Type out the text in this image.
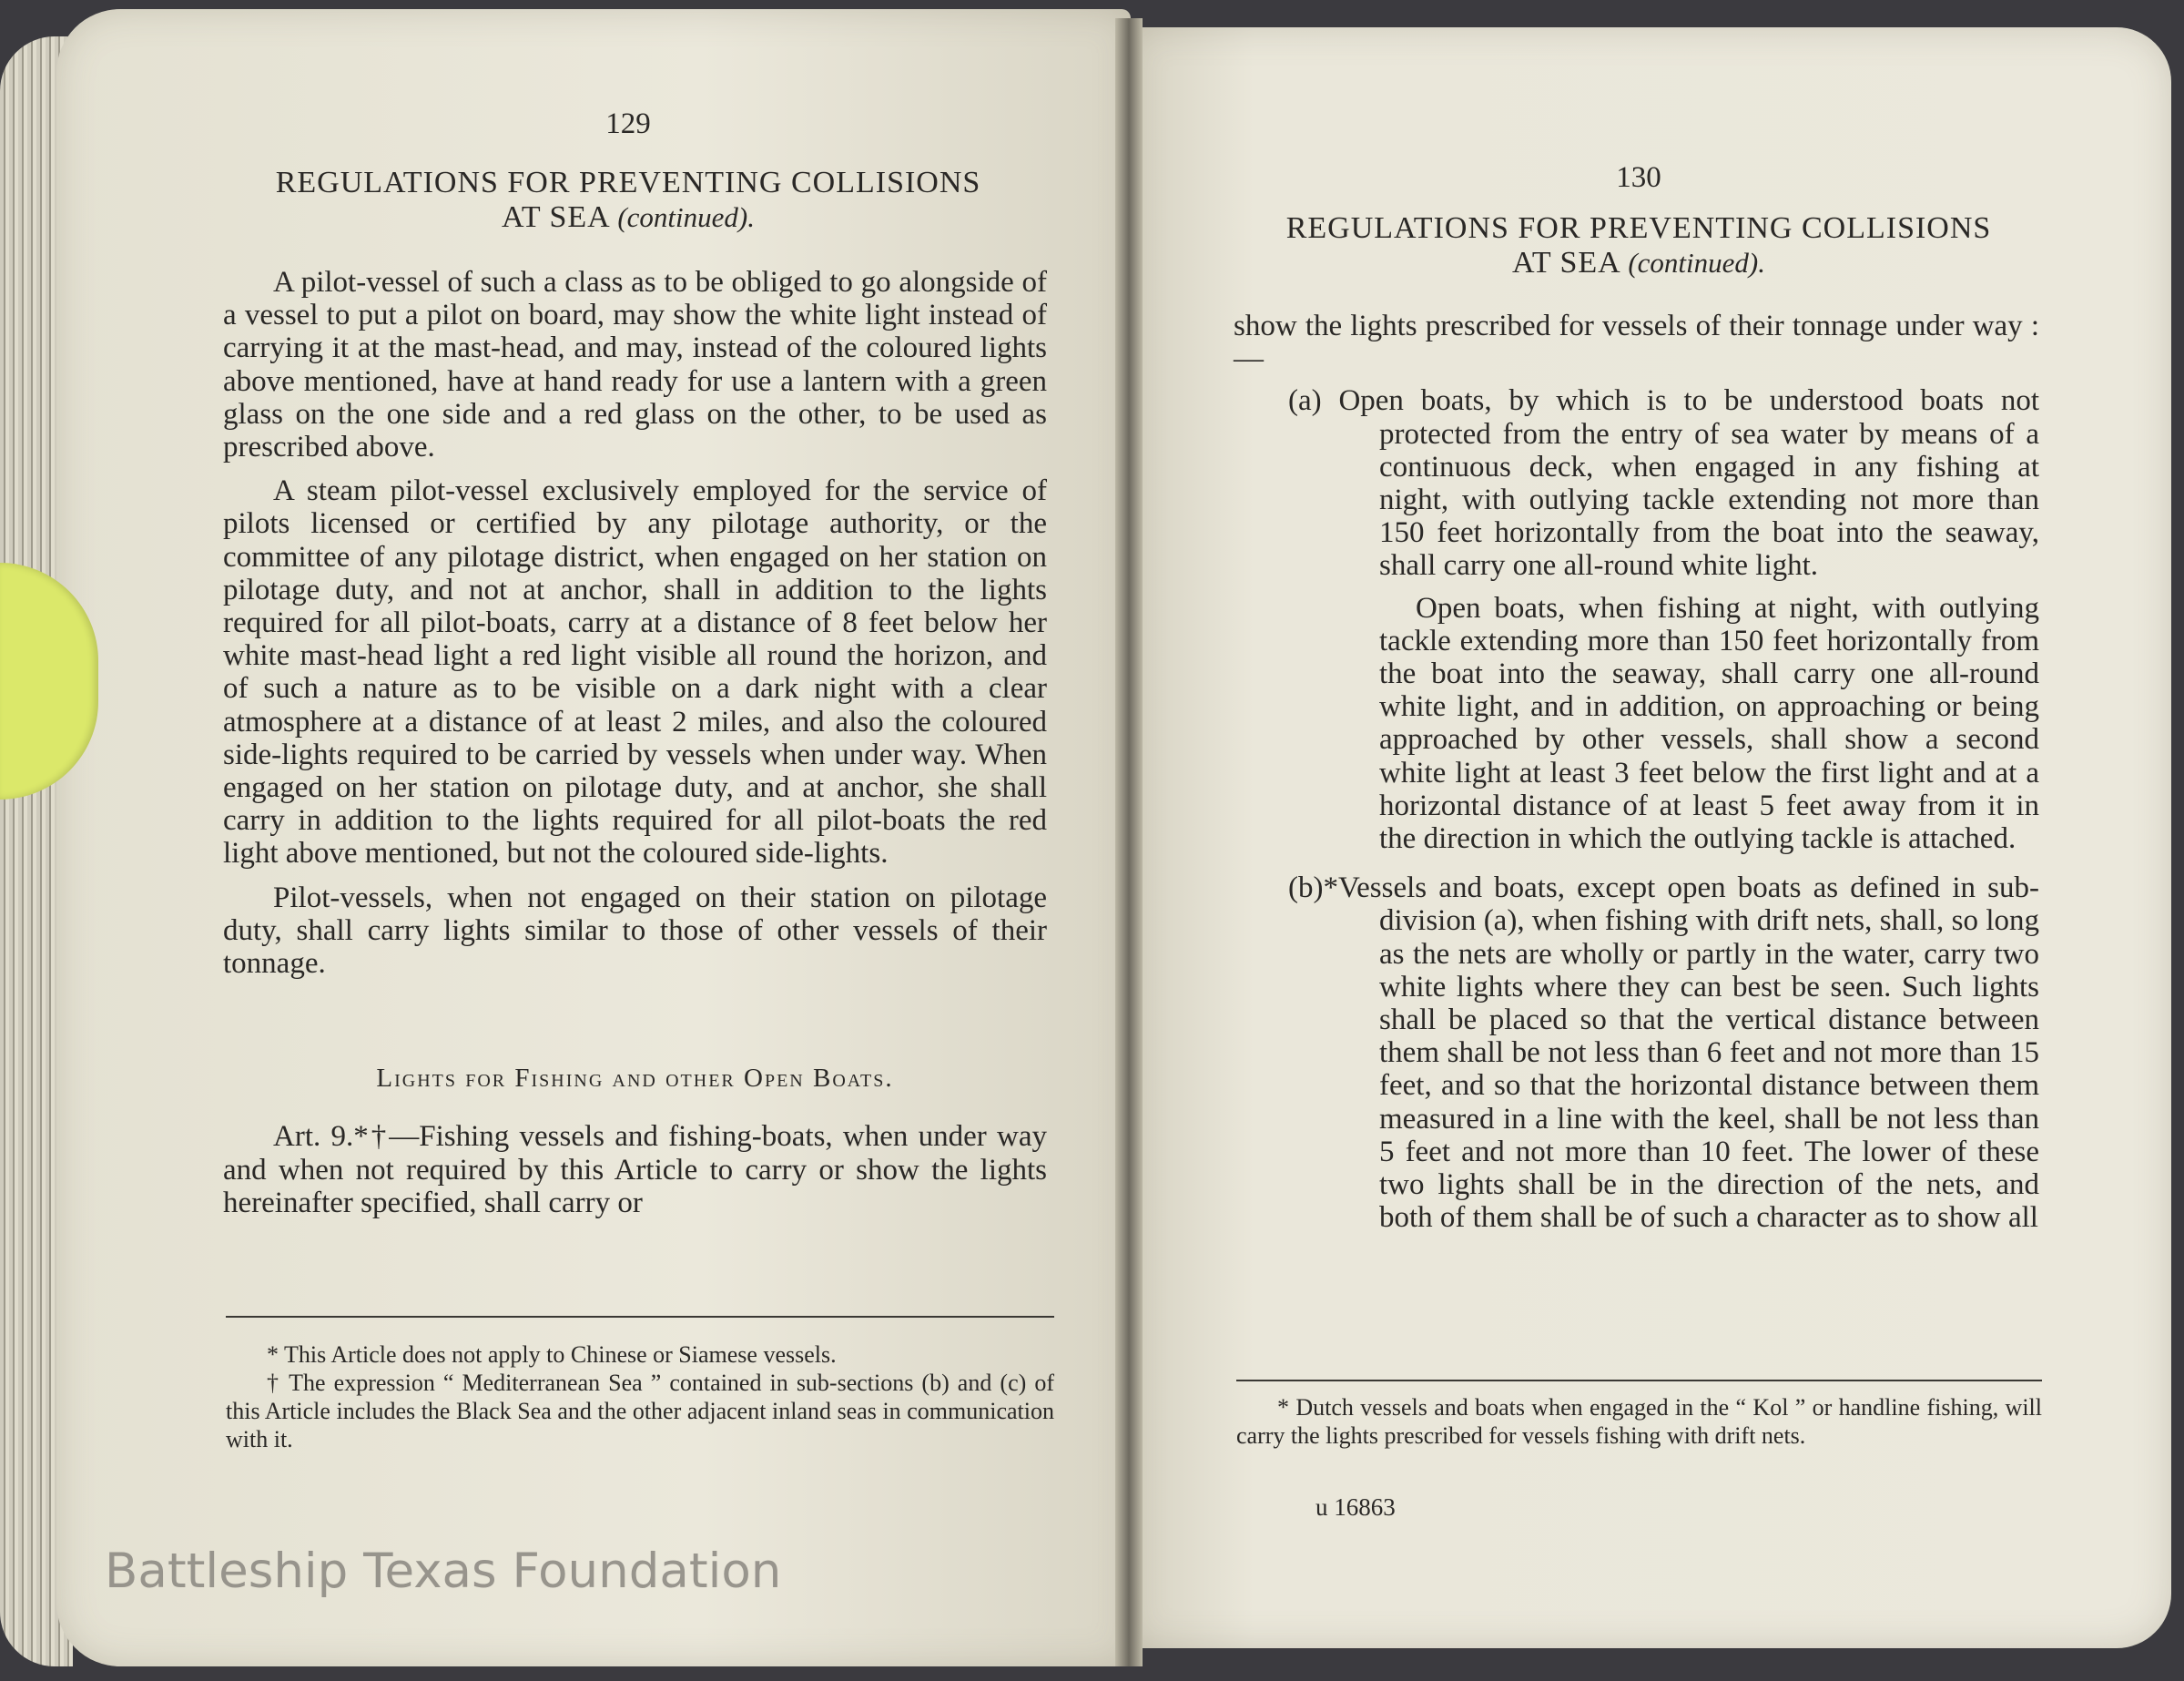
129
REGULATIONS FOR PREVENTING COLLISIONS
AT SEA (continued).

A pilot-vessel of such a class as to be obliged to go alongside of a vessel to put a pilot on board, may show the white light instead of carrying it at the mast-head, and may, instead of the coloured lights above mentioned, have at hand ready for use a lantern with a green glass on the one side and a red glass on the other, to be used as prescribed above.

A steam pilot-vessel exclusively employed for the service of pilots licensed or certified by any pilotage authority, or the committee of any pilotage district, when engaged on her station on pilotage duty, and not at anchor, shall in addition to the lights required for all pilot-boats, carry at a distance of 8 feet below her white mast-head light a red light visible all round the horizon, and of such a nature as to be visible on a dark night with a clear atmosphere at a distance of at least 2 miles, and also the coloured side-lights required to be carried by vessels when under way. When engaged on her station on pilotage duty, and at anchor, she shall carry in addition to the lights required for all pilot-boats the red light above mentioned, but not the coloured side-lights.

Pilot-vessels, when not engaged on their station on pilotage duty, shall carry lights similar to those of other vessels of their tonnage.

Lights for Fishing and other Open Boats.

Art. 9.*†—Fishing vessels and fishing-boats, when under way and when not required by this Article to carry or show the lights hereinafter specified, shall carry or

* This Article does not apply to Chinese or Siamese vessels.

† The expression “ Mediterranean Sea ” contained in sub-sections (b) and (c) of this Article includes the Black Sea and the other adjacent inland seas in communication with it.

130
REGULATIONS FOR PREVENTING COLLISIONS
AT SEA (continued).

show the lights prescribed for vessels of their tonnage under way :—

(a) Open boats, by which is to be understood boats not protected from the entry of sea water by means of a continuous deck, when engaged in any fishing at night, with outlying tackle extending not more than 150 feet horizontally from the boat into the seaway, shall carry one all-round white light.

Open boats, when fishing at night, with outlying tackle extending more than 150 feet horizontally from the boat into the seaway, shall carry one all-round white light, and in addition, on approaching or being approached by other vessels, shall show a second white light at least 3 feet below the first light and at a horizontal distance of at least 5 feet away from it in the direction in which the outlying tackle is attached.

(b)*Vessels and boats, except open boats as defined in sub-division (a), when fishing with drift nets, shall, so long as the nets are wholly or partly in the water, carry two white lights where they can best be seen. Such lights shall be placed so that the vertical distance between them shall be not less than 6 feet and not more than 15 feet, and so that the horizontal distance between them measured in a line with the keel, shall be not less than 5 feet and not more than 10 feet. The lower of these two lights shall be in the direction of the nets, and both of them shall be of such a character as to show all

* Dutch vessels and boats when engaged in the “ Kol ” or handline fishing, will carry the lights prescribed for vessels fishing with drift nets.

u 16863
Battleship Texas Foundation
